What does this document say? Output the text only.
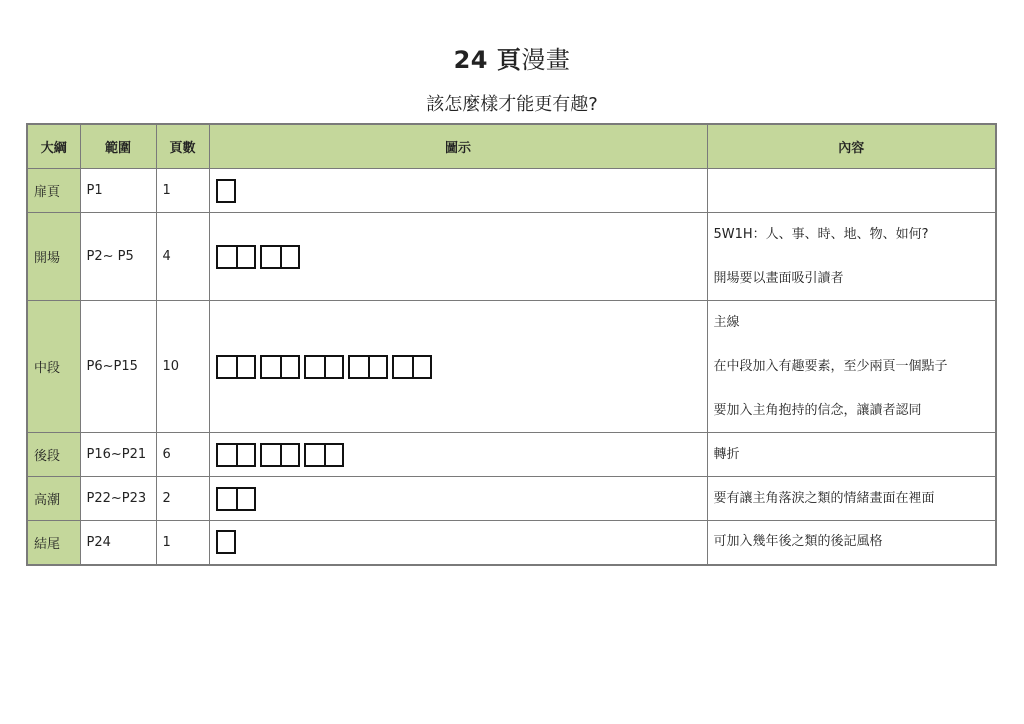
24 頁漫畫
該怎麼樣才能更有趣?
大綱	範圍	頁數	圖示	內容
扉頁	P1	1	

開場	P2~ P5	4		5W1H：人、事、時、地、物、如何?
開場要以畫面吸引讀者

中段	P6~P15	10		主線
在中段加入有趣要素，至少兩頁一個點子
要加入主角抱持的信念，讓讀者認同

後段	P16~P21	6		轉折

高潮	P22~P23	2		要有讓主角落淚之類的情緒畫面在裡面

結尾	P24	1		可加入幾年後之類的後記風格
